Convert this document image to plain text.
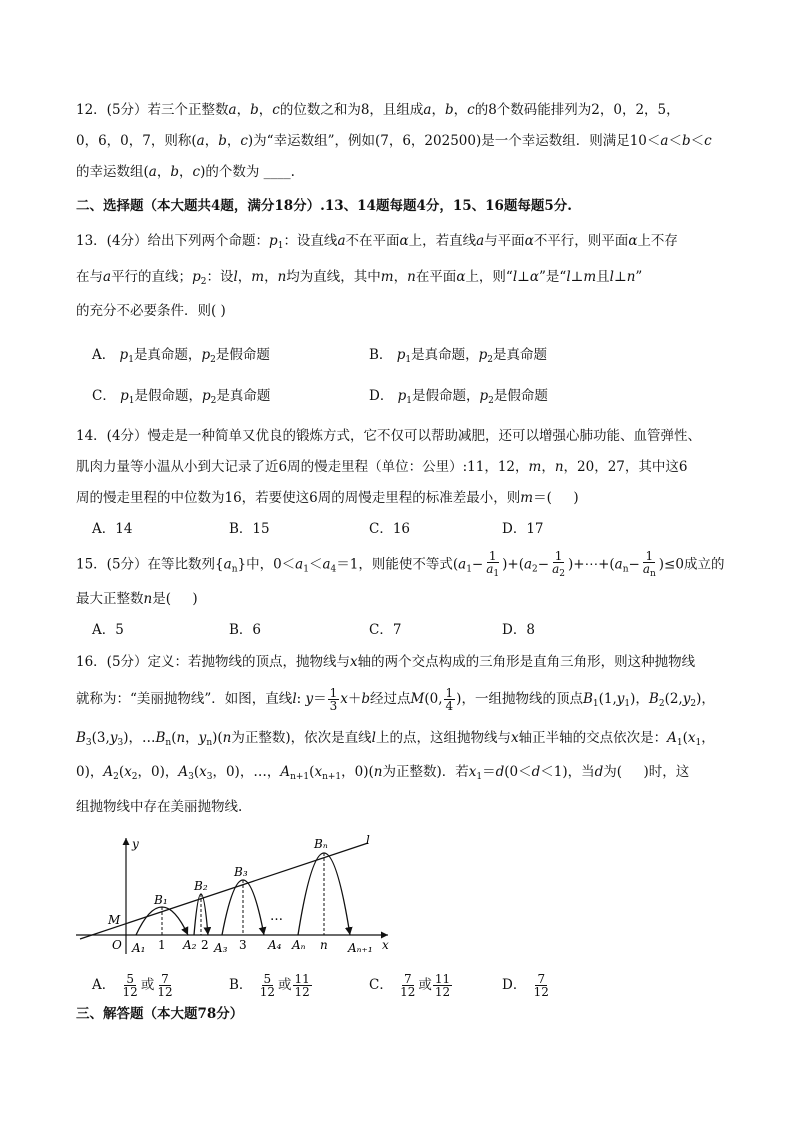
12．(5分）若三个正整数a，b，c的位数之和为8，且组成a，b，c的8个数码能排列为2，0，2，5，
0，6，0，7，则称(a，b，c)为“幸运数组”，例如(7，6，202500)是一个幸运数组．则满足10＜a＜b＜c
的幸运数组(a，b，c)的个数为 ____.
二、选择题（本大题共4题，满分18分）.13、14题每题4分，15、16题每题5分.
13．(4分）给出下列两个命题：$p_1$：设直线a不在平面α上，若直线a与平面α不平行，则平面α上不存
在与a平行的直线；$p_2$：设l，m，n均为直线，其中m，n在平面α上，则“l⊥α”是“l⊥m且l⊥n”
的充分不必要条件．则( )
A． $p_1$是真命题，$p_2$是假命题	B． $p_1$是真命题，$p_2$是真命题
C． $p_1$是假命题，$p_2$是真命题	D． $p_1$是假命题，$p_2$是假命题
14．(4分）慢走是一种简单又优良的锻炼方式，它不仅可以帮助减肥，还可以增强心肺功能、血管弹性、
肌肉力量等小温从小到大记录了近6周的慢走里程（单位：公里）:11，12，m，n，20，27，其中这6
周的慢走里程的中位数为16，若要使这6周的周慢走里程的标准差最小，则m＝(     )
A．14	B．15	C．16	D．17
15．(5分）在等比数列$\{a_n\}$中，$0<a_1<a_4=1$，则能使不等式$(a_1- \frac{1}{a_1} )+(a_2- \frac{1}{a_2}$ )$+\cdots+(a_n- \frac{1}{a_n} )\le 0$成立的
最大正整数n是(     )
A．5	B．6	C．7	D．8
16．(5分）定义：若抛物线的顶点，抛物线与x轴的两个交点构成的三角形是直角三角形，则这种抛物线
就称为：“美丽抛物线”．如图，直线l: $y= \frac{1}{3} x+b$经过点M(0, $\frac{1}{4}$ )，一组抛物线的顶点$B_1(1,y_1)$，$B_2(2,y_2)$，
$B_3(3,y_3)$，$\dots B_n(n$，$y_n)(n$为正整数)，依次是直线l上的点，这组抛物线与x轴正半轴的交点依次是：$A_1(x_1$，
0)，$A_2(x_2$，0)，$A_3(x_3$，0)，…，$A_{n+1}(x_{n+1}$，0)(n为正整数)．若$x_1=d(0<d<1)$，当d为(     )时，这
组抛物线中存在美丽抛物线.
y
x
O
M
l
B₁
B₂
B₃
Bₙ
1	2	3	n
A₁	A₂ A₃	A₄ Aₙ	Aₙ₊₁
…
A． $\frac{5}{12}$ 或 $\frac{7}{12}$	B． $\frac{5}{12}$ 或 $\frac{11}{12}$	C． $\frac{7}{12}$ 或 $\frac{11}{12}$	D． $\frac{7}{12}$
三、解答题（本大题78分）
